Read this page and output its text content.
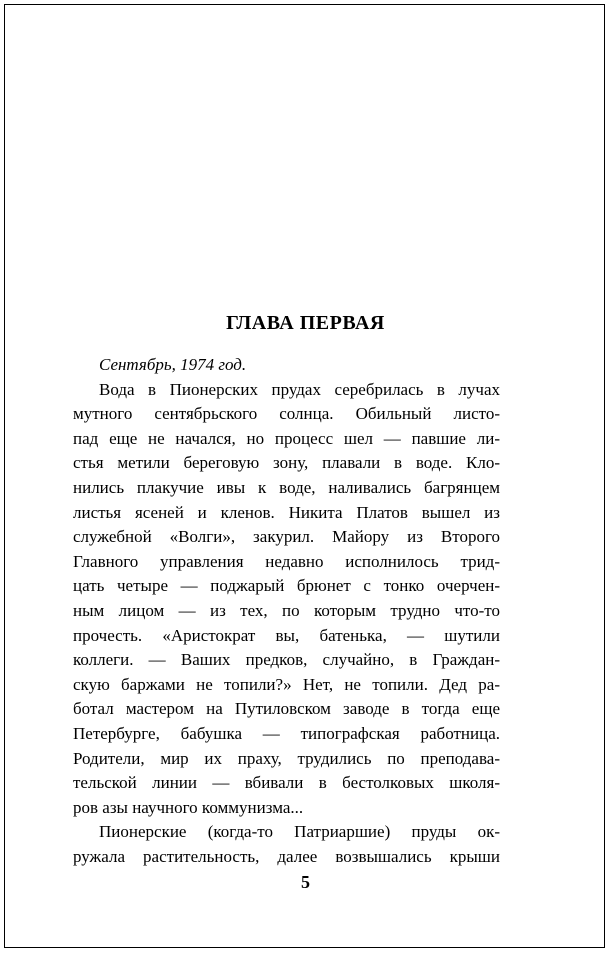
ГЛАВА ПЕРВАЯ
Сентябрь, 1974 год.
Вода в Пионерских прудах серебрилась в лучах
мутного сентябрьского солнца. Обильный листо-
пад еще не начался, но процесс шел — павшие ли-
стья метили береговую зону, плавали в воде. Кло-
нились плакучие ивы к воде, наливались багрянцем
листья ясеней и кленов. Никита Платов вышел из
служебной «Волги», закурил. Майору из Второго
Главного управления недавно исполнилось трид-
цать четыре — поджарый брюнет с тонко очерчен-
ным лицом — из тех, по которым трудно что-то
прочесть. «Аристократ вы, батенька, — шутили
коллеги. — Ваших предков, случайно, в Граждан-
скую баржами не топили?» Нет, не топили. Дед ра-
ботал мастером на Путиловском заводе в тогда еще
Петербурге, бабушка — типографская работница.
Родители, мир их праху, трудились по преподава-
тельской линии — вбивали в бестолковых школя-
ров азы научного коммунизма...
Пионерские (когда-то Патриаршие) пруды ок-
ружала растительность, далее возвышались крыши
5
